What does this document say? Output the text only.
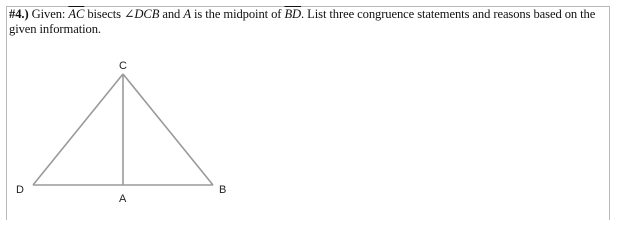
#4.) Given: $\overline{AC}$ bisects ∠DCB and A is the midpoint of $\overline{BD}$. List three congruence statements and reasons based on the given information.
C
D
A
B
